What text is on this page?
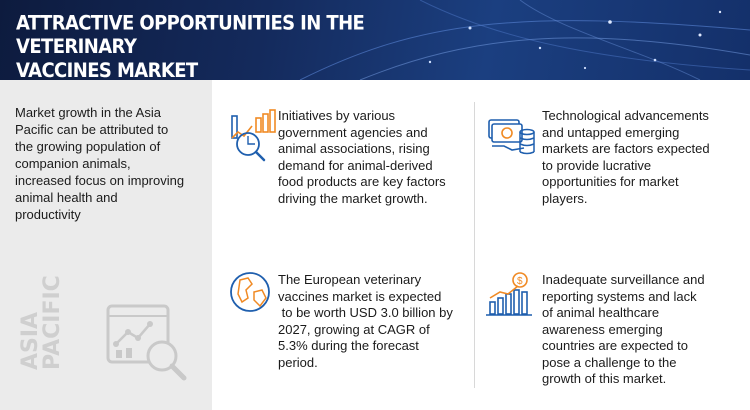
ATTRACTIVE OPPORTUNITIES IN THE VETERINARY
VACCINES MARKET
Market growth in the Asia
Pacific can be attributed to
the growing population of
companion animals,
increased focus on improving
animal health and
productivity
ASIA
PACIFIC
Initiatives by various
government agencies and
animal associations, rising
demand for animal-derived
food products are key factors
driving the market growth.
Technological advancements
and untapped emerging
markets are factors expected
to provide lucrative
opportunities for market
players.
The European veterinary
vaccines market is expected
to be worth USD 3.0 billion by
2027, growing at CAGR of
5.3% during the forecast
period.
$ Inadequate surveillance and
reporting systems and lack
of animal healthcare
awareness emerging
countries are expected to
pose a challenge to the
growth of this market.
